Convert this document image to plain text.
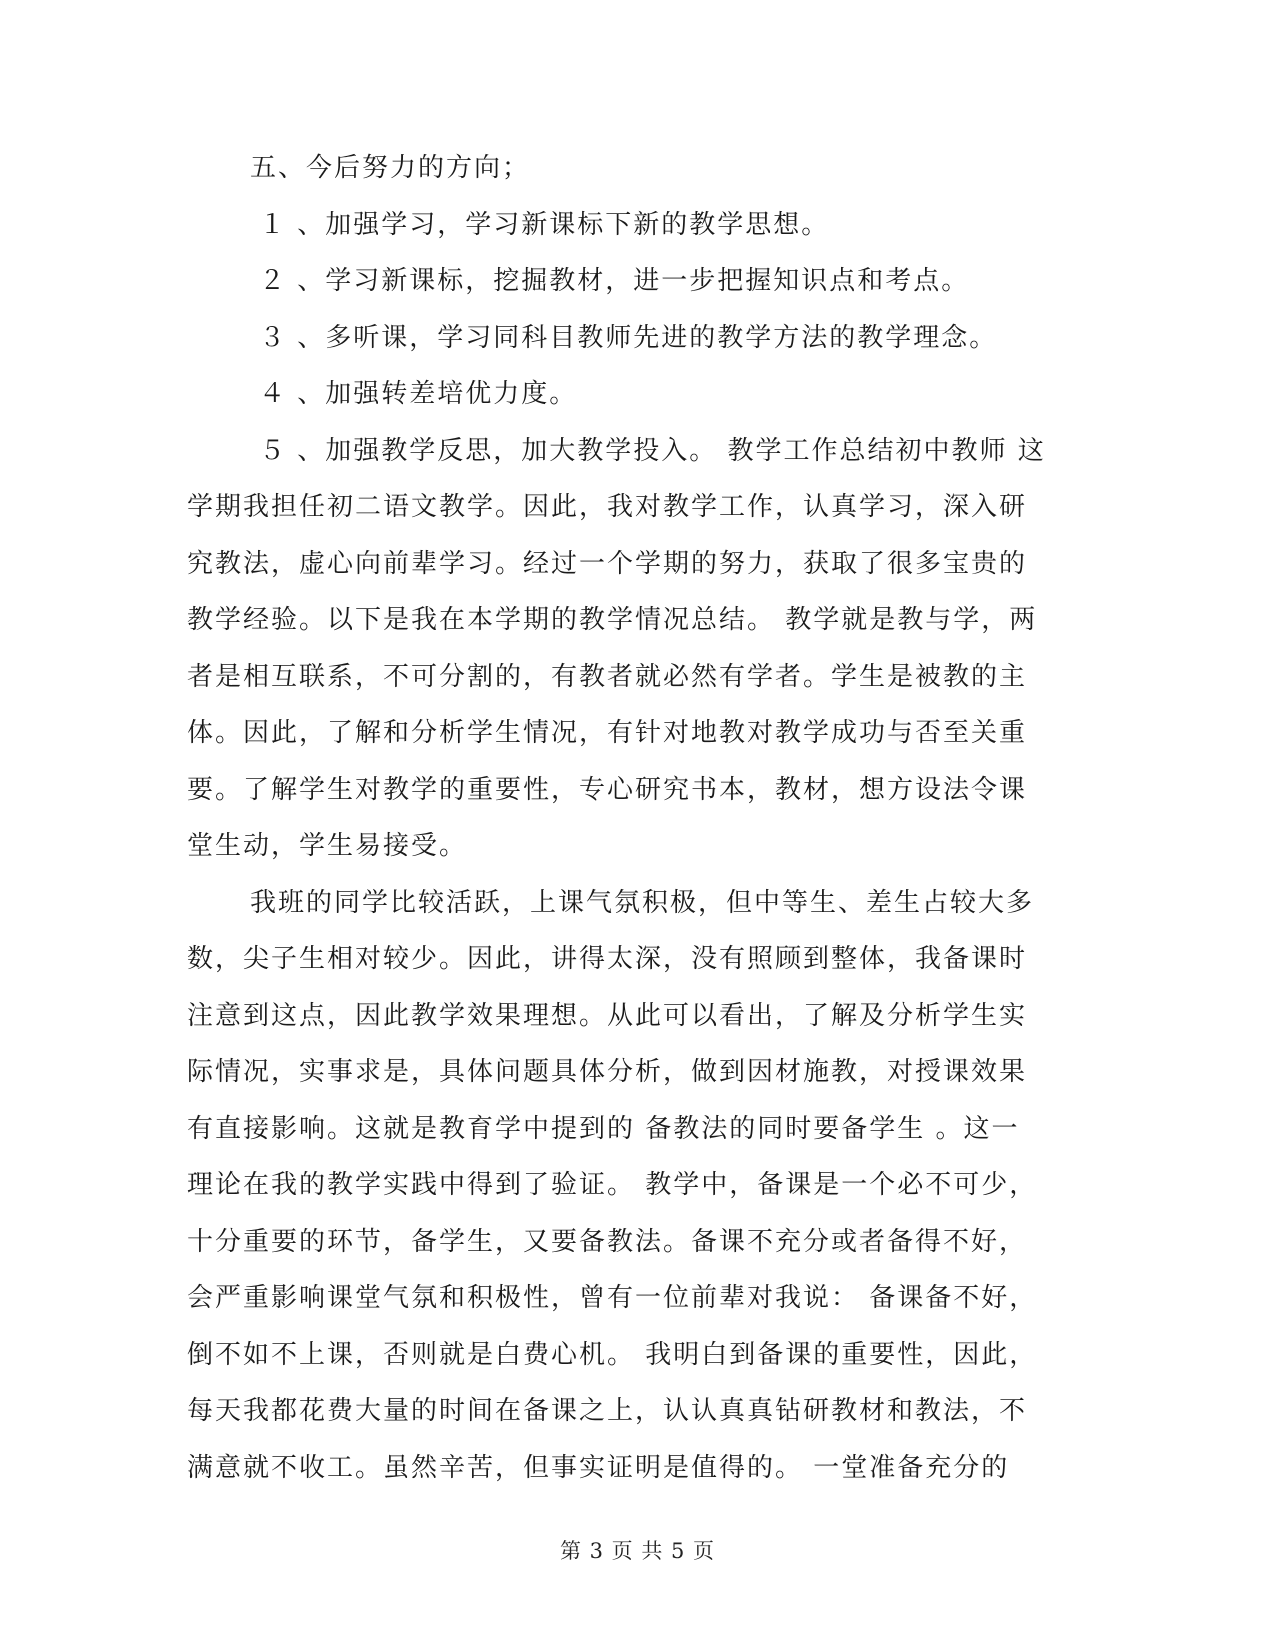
五、今后努力的方向；
１ 、加强学习，学习新课标下新的教学思想。
２ 、学习新课标，挖掘教材，进一步把握知识点和考点。
３ 、多听课，学习同科目教师先进的教学方法的教学理念。
４ 、加强转差培优力度。
５ 、加强教学反思，加大教学投入。 教学工作总结初中教师 这
学期我担任初二语文教学。因此，我对教学工作，认真学习，深入研
究教法，虚心向前辈学习。经过一个学期的努力，获取了很多宝贵的
教学经验。以下是我在本学期的教学情况总结。 教学就是教与学，两
者是相互联系，不可分割的，有教者就必然有学者。学生是被教的主
体。因此，了解和分析学生情况，有针对地教对教学成功与否至关重
要。了解学生对教学的重要性，专心研究书本，教材，想方设法令课
堂生动，学生易接受。
我班的同学比较活跃，上课气氛积极，但中等生、差生占较大多
数，尖子生相对较少。因此，讲得太深，没有照顾到整体，我备课时
注意到这点，因此教学效果理想。从此可以看出，了解及分析学生实
际情况，实事求是，具体问题具体分析，做到因材施教，对授课效果
有直接影响。这就是教育学中提到的 备教法的同时要备学生 。这一
理论在我的教学实践中得到了验证。 教学中，备课是一个必不可少，
十分重要的环节，备学生，又要备教法。备课不充分或者备得不好，
会严重影响课堂气氛和积极性，曾有一位前辈对我说： 备课备不好，
倒不如不上课，否则就是白费心机。 我明白到备课的重要性，因此，
每天我都花费大量的时间在备课之上，认认真真钻研教材和教法，不
满意就不收工。虽然辛苦，但事实证明是值得的。 一堂准备充分的
第 3 页 共 5 页
